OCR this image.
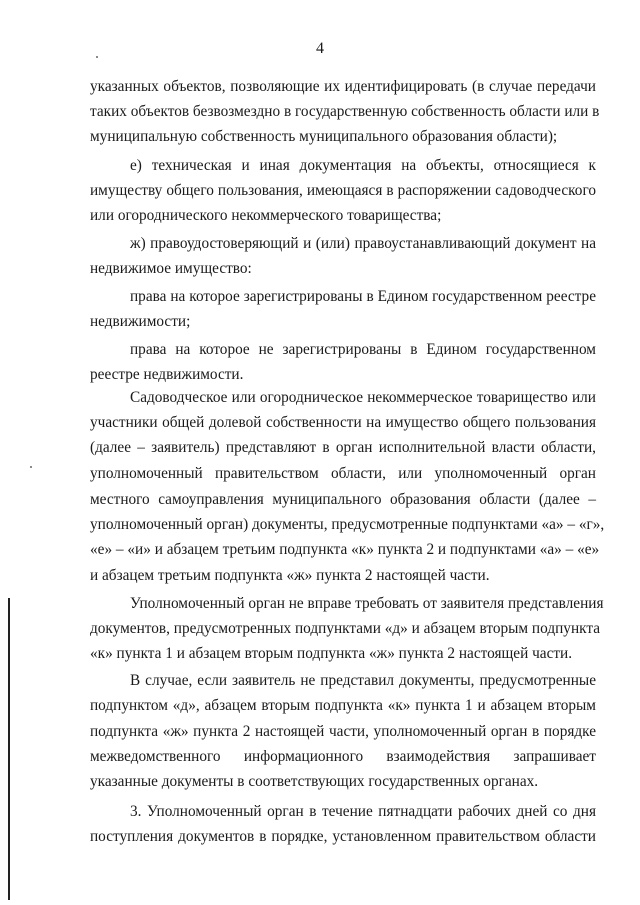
4
указанных объектов, позволяющие их идентифицировать (в случае передачи
таких объектов безвозмездно в государственную собственность области или в
муниципальную собственность муниципального образования области);
е) техническая и иная документация на объекты, относящиеся к
имуществу общего пользования, имеющаяся в распоряжении садоводческого
или огороднического некоммерческого товарищества;
ж) правоудостоверяющий и (или) правоустанавливающий документ на
недвижимое имущество:
права на которое зарегистрированы в Едином государственном реестре
недвижимости;
права на которое не зарегистрированы в Едином государственном
реестре недвижимости.
Садоводческое или огородническое некоммерческое товарищество или
участники общей долевой собственности на имущество общего пользования
(далее – заявитель) представляют в орган исполнительной власти области,
уполномоченный правительством области, или уполномоченный орган
местного самоуправления муниципального образования области (далее –
уполномоченный орган) документы, предусмотренные подпунктами «а» – «г»,
«е» – «и» и абзацем третьим подпункта «к» пункта 2 и подпунктами «а» – «е»
и абзацем третьим подпункта «ж» пункта 2 настоящей части.
Уполномоченный орган не вправе требовать от заявителя представления
документов, предусмотренных подпунктами «д» и абзацем вторым подпункта
«к» пункта 1 и абзацем вторым подпункта «ж» пункта 2 настоящей части.
В случае, если заявитель не представил документы, предусмотренные
подпунктом «д», абзацем вторым подпункта «к» пункта 1 и абзацем вторым
подпункта «ж» пункта 2 настоящей части, уполномоченный орган в порядке
межведомственного информационного взаимодействия запрашивает
указанные документы в соответствующих государственных органах.
3. Уполномоченный орган в течение пятнадцати рабочих дней со дня
поступления документов в порядке, установленном правительством области
